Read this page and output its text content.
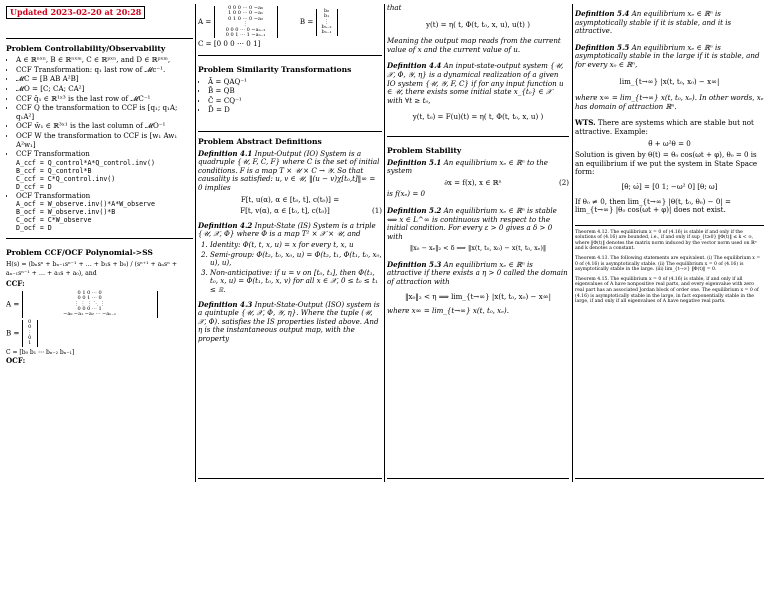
Updated 2023-02-20 at 20:28
Problem Controllability/Observability
• A ∈ ℝⁿˣⁿ, B ∈ ℝⁿˣᵐ, C ∈ ℝᵖˣⁿ, and D ∈ ℝᵖˣᵐ,
• CCF Transformation: q₁ last row of 𝓜c⁻¹.
• 𝓜C = [B AB A²B]
• 𝓜O = [C; CA; CA²]
• CCF q̄₁ ∈ ℝ¹ˣ³ is the last row of 𝓜C⁻¹
• CCF Q the transformation to CCF is [q₁; q₁A; q₁A²]
• OCF w̄₁ ∈ ℝ³ˣ¹ is the last column of 𝓜O⁻¹
• OCF W the transformation to CCF is [w₁ Aw₁ A²w₁]
• CCF Transformation
A_ccf = Q_control*A*Q_control.inv()
B_ccf = Q_control*B
C_ccf = C*Q_control.inv()
D_ccf = D
• OCF Transformation
A_ocf = W_observe.inv()*A*W_observe
B_ocf = W_observe.inv()*B
C_ocf = C*W_observe
D_ocf = D
Problem CCF/OCF Polynomial->SS
H(s) = (bₙsⁿ + bₙ₋₁sⁿ⁻¹ + … + b₁s + b₀) / (sⁿ⁺¹ + aₙsⁿ + aₙ₋₁sⁿ⁻¹ + … + a₁s + a₀), and
CCF:
A = 0 1 0 ⋯ 0
0 0 1 ⋯ 0
⋮ ⋮ ⋮ ⋱ ⋮
0 0 0 ⋯ 1
−a₀ −a₁ −a₂ ⋯ −aₙ₋₁
B = 0
0
⋮
0
1
C = [b₀ b₁ ⋯ bₙ₋₂ bₙ₋₁]
OCF:
A = 0 0 0 ⋯ 0 −a₀
1 0 0 ⋯ 0 −a₁
0 1 0 ⋯ 0 −a₂
⋮
0 0 0 ⋯ 0 −aₙ₋₂
0 0 1 ⋯ 1 −aₙ₋₁ B = b₀
b₁
⋮
bₙ₋₂
bₙ₋₁
C = [0 0 0 ⋯ 0 1]
Problem Similarity Transformations
• Ā = QAQ⁻¹
• B̄ = QB
• C̄ = CQ⁻¹
• D̄ = D
Problem Abstract Definitions
Definition 4.1 Input-Output (IO) System is a quadruple {𝒰, F, C, F} where C is the set of initial conditions. F is a map T × 𝒰 × C → 𝒴. So that causality is satisfied: u, v ∈ 𝒰, ‖(u − v)χ[t₀,t]‖∞ = 0 implies
F[t, u(α), α ∈ [t₀, t], c(t₀)] =
F[t, v(α), α ∈ [t₀, t], c(t₀)]	(1)
Definition 4.2 Input-State (IS) System is a triple {𝒰, 𝒳, Φ} where Φ is a map T² × 𝒳 × 𝒰, and
1. Identity: Φ(t, t, x, u) = x for every t, x, u
2. Semi-group: Φ(t₂, t₀, x₀, u) = Φ(t₂, t₁, Φ(t₁, t₀, x₀, u), u),
3. Non-anticipative: if u = v on [t₀, t₁], then Φ(t₁, t₀, x, u) = Φ(t₁, t₀, x, v) for all x ∈ 𝒳, 0 ≤ t₀ ≤ t₁ ≤ ℝ.
Definition 4.3 Input-State-Output (ISO) system is a quintuple {𝒰, 𝒳, Φ, 𝒴, η}. Where the tuple (𝒰, 𝒳, Φ). satisfies the IS properties listed above. And η is the instantaneous output map, with the property
that
y(t) = η( t, Φ(t, t₀, x, u), u(t) )
Meaning the output map reads from the current value of x and the current value of u.
Definition 4.4 An input-state-output system {𝒰, 𝒳, Φ, 𝒴, η} is a dynamical realization of a given IO system {𝒰, 𝒴, F, C} if for any input function u ∈ 𝒰, there exists some initial state x_{t₀} ∈ 𝒳 with ∀t ≥ t₀,
y(t, t₀) = F(u)(t) = η( t, Φ(t, t₀, x, u) )
Problem Stability
Definition 5.1 An equilibrium xₑ ∈ ℝⁿ to the system
∂x = f(x), x ∈ ℝⁿ	(2)
is f(xₑ) = 0
Definition 5.2 An equilibrium xₑ ∈ ℝⁿ is stable ⟺ x ∈ L^∞ is continuous with respect to the initial condition. For every ε > 0 gives a δ > 0 with
‖x₀ − xₑ‖₂ < δ ⟹ ‖x(t, t₀, x₀) − x(t, t₀, xₑ)‖
Definition 5.3 An equilibrium xₑ ∈ ℝⁿ is attractive if there exists a η > 0 called the domain of attraction with
‖x₀‖₂ < η ⟹ lim_{t→∞} |x(t, t₀, x₀) − x∞|
where x∞ = lim_{t→∞} x(t, t₀, xₑ).
Definition 5.4 An equilibrium xₑ ∈ ℝⁿ is asymptotically stable if it is stable, and it is attractive.
Definition 5.5 An equilibrium xₑ ∈ ℝⁿ is asymptotically stable in the large if it is stable, and for every x₀ ∈ ℝⁿ,
lim_{t→∞} |x(t, t₀, x₀) − x∞|
where x∞ = lim_{t→∞} x(t, t₀, xₑ). In other words, xₑ has domain of attraction ℝⁿ.
WTS. There are systems which are stable but not attractive. Example:
θ̈ + ω²θ = 0
Solution is given by θ(t) = θ₀ cos(ωt + φ), θ₀ = 0 is an equilibrium if we put the system in State Space form:
[θ̇; ω̇] = [0 1; −ω² 0] [θ; ω]
If θ₀ ≠ 0, then lim_{t→∞} |θ(t, t₀, θ₀) − 0| = lim_{t→∞} |θ₀ cos(ωt + φ)| does not exist.
Theorem 4.12. The equilibrium x = 0 of (4.16) is stable if and only if the solutions of (4.16) are bounded, i.e., if and only if sup_{t≥0} ‖Φ(t)‖ ≤ k < ∞, where ‖Φ(t)‖ denotes the matrix norm induced by the vector norm used on ℝⁿ and k denotes a constant.
Theorem 4.13. The following statements are equivalent. (i) The equilibrium x = 0 of (4.16) is asymptotically stable. (ii) The equilibrium x = 0 of (4.16) is asymptotically stable in the large. (iii) lim_{t→∞} ‖Φ(t)‖ = 0.
Theorem 4.15. The equilibrium x = 0 of (4.16) is stable, if and only if all eigenvalues of A have nonpositive real parts, and every eigenvalue with zero real part has an associated Jordan block of order one. The equilibrium x = 0 of (4.16) is asymptotically stable in the large, in fact exponentially stable in the large, if and only if all eigenvalues of A have negative real parts.
